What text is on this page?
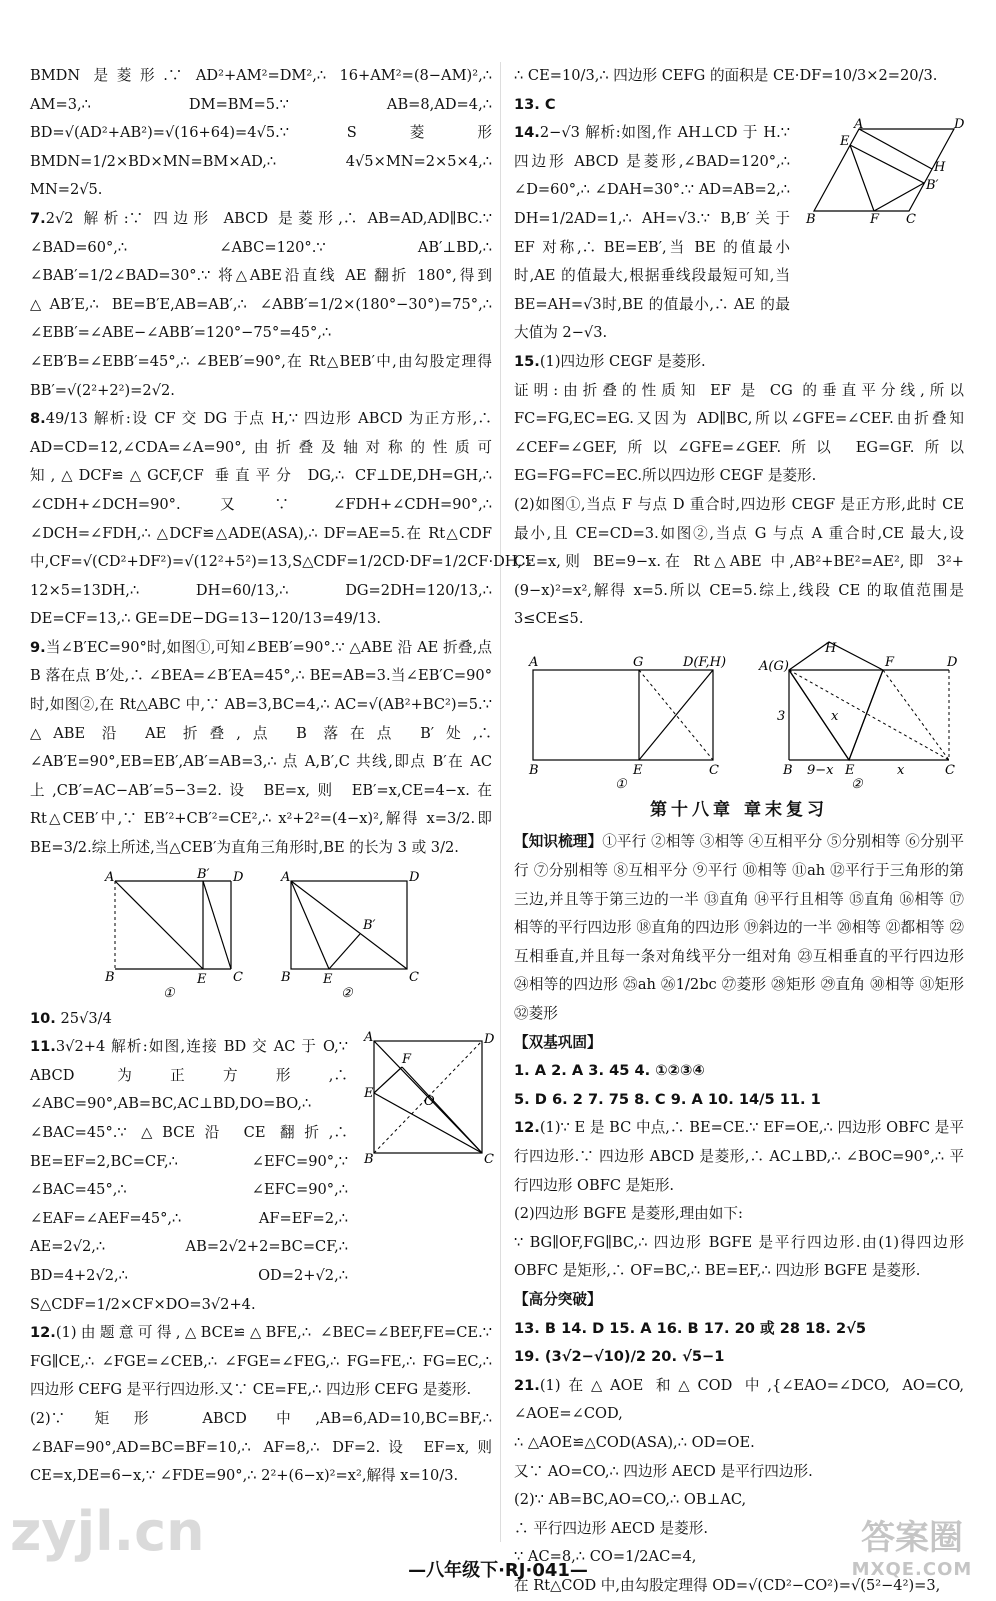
BMDN 是菱形.∵ AD²+AM²=DM²,∴ 16+AM²=(8−AM)²,∴ AM=3,∴ DM=BM=5.∵ AB=8,AD=4,∴ BD=√(AD²+AB²)=√(16+64)=4√5.∵ S菱形BMDN=1/2×BD×MN=BM×AD,∴ 4√5×MN=2×5×4,∴ MN=2√5.

7.2√2 解析:∵ 四边形 ABCD 是菱形,∴ AB=AD,AD∥BC.∵ ∠BAD=60°,∴ ∠ABC=120°.∵ AB′⊥BD,∴ ∠BAB′=1/2∠BAD=30°.∵ 将△ABE沿直线 AE 翻折 180°,得到△AB′E,∴ BE=B′E,AB=AB′,∴ ∠ABB′=1/2×(180°−30°)=75°,∴ ∠EBB′=∠ABE−∠ABB′=120°−75°=45°,∴ ∠EB′B=∠EBB′=45°,∴ ∠BEB′=90°,在 Rt△BEB′中,由勾股定理得 BB′=√(2²+2²)=2√2.

8.49/13 解析:设 CF 交 DG 于点 H,∵ 四边形 ABCD 为正方形,∴ AD=CD=12,∠CDA=∠A=90°,由折叠及轴对称的性质可知,△DCF≌△GCF,CF 垂直平分 DG,∴ CF⊥DE,DH=GH,∴ ∠CDH+∠DCH=90°.又∵ ∠FDH+∠CDH=90°,∴ ∠DCH=∠FDH,∴ △DCF≌△ADE(ASA),∴ DF=AE=5.在 Rt△CDF 中,CF=√(CD²+DF²)=√(12²+5²)=13,S△CDF=1/2CD·DF=1/2CF·DH,∴ 12×5=13DH,∴ DH=60/13,∴ DG=2DH=120/13,∴ DE=CF=13,∴ GE=DE−DG=13−120/13=49/13.

9.当∠B′EC=90°时,如图①,可知∠BEB′=90°.∵ △ABE 沿 AE 折叠,点 B 落在点 B′处,∴ ∠BEA=∠B′EA=45°,∴ BE=AB=3.当∠EB′C=90°时,如图②,在 Rt△ABC 中,∵ AB=3,BC=4,∴ AC=√(AB²+BC²)=5.∵ △ABE 沿 AE 折叠,点 B 落在点 B′处,∴ ∠AB′E=90°,EB=EB′,AB′=AB=3,∴ 点 A,B′,C 共线,即点 B′在 AC 上,CB′=AC−AB′=5−3=2.设 BE=x,则 EB′=x,CE=4−x.在 Rt△CEB′中,∵ EB′²+CB′²=CE²,∴ x²+2²=(4−x)²,解得 x=3/2.即 BE=3/2.综上所述,当△CEB′为直角三角形时,BE 的长为 3 或 3/2.

A	B′ D
B	E C
①
A	D
B′
B E	C
②

10. 25√3/4

11.3√2+4 解析:如图,连接 BD 交 AC 于 O,∵ ABCD 为正方形,∴ ∠ABC=90°,AB=BC,AC⊥BD,DO=BO,∴ ∠BAC=45°.∵ △BCE沿 CE 翻折,∴ BE=EF=2,BC=CF,∴ ∠EFC=90°,∵ ∠BAC=45°,∴ ∠EFC=90°,∴ ∠EAF=∠AEF=45°,∴ AF=EF=2,∴ AE=2√2,∴ AB=2√2+2=BC=CF,∴ BD=4+2√2,∴ OD=2+√2,∴ S△CDF=1/2×CF×DO=3√2+4.

A	D
E
F
O
B	C

12.(1)由题意可得,△BCE≌△BFE,∴ ∠BEC=∠BEF,FE=CE.∵ FG∥CE,∴ ∠FGE=∠CEB,∴ ∠FGE=∠FEG,∴ FG=FE,∴ FG=EC,∴ 四边形 CEFG 是平行四边形.又∵ CE=FE,∴ 四边形 CEFG 是菱形.

(2)∵ 矩形 ABCD 中,AB=6,AD=10,BC=BF,∴ ∠BAF=90°,AD=BC=BF=10,∴ AF=8,∴ DF=2.设 EF=x,则 CE=x,DE=6−x,∵ ∠FDE=90°,∴ 2²+(6−x)²=x²,解得 x=10/3.

∴ CE=10/3,∴ 四边形 CEFG 的面积是 CE·DF=10/3×2=20/3.

13. C

14.2−√3 解析:如图,作 AH⊥CD 于 H.∵ 四边形 ABCD 是菱形,∠BAD=120°,∴ ∠D=60°,∴ ∠DAH=30°.∵ AD=AB=2,∴ DH=1/2AD=1,∴ AH=√3.∵ B,B′关于 EF 对称,∴ BE=EB′,当 BE 的值最小时,AE 的值最大,根据垂线段最短可知,当 BE=AH=√3时,BE 的值最小,∴ AE 的最大值为 2−√3.

A	D
E
H
B′
B	F C

15.(1)四边形 CEGF 是菱形.

证明:由折叠的性质知 EF 是 CG 的垂直平分线,所以 FC=FG,EC=EG.又因为 AD∥BC,所以∠GFE=∠CEF.由折叠知∠CEF=∠GEF,所以∠GFE=∠GEF.所以 EG=GF.所以 EG=FG=FC=EC.所以四边形 CEGF 是菱形.

(2)如图①,当点 F 与点 D 重合时,四边形 CEGF 是正方形,此时 CE 最小,且 CE=CD=3.如图②,当点 G 与点 A 重合时,CE 最大,设 CE=x,则 BE=9−x.在 Rt△ABE 中,AB²+BE²=AE²,即 3²+(9−x)²=x²,解得 x=5.所以 CE=5.综上,线段 CE 的取值范围是 3≤CE≤5.

A	G	D(F,H)
B	E	C
①
H
A(G)	F	D
3	x
B 9−x E	x	C
②
第十八章 章末复习

【知识梳理】①平行 ②相等 ③相等 ④互相平分 ⑤分别相等 ⑥分别平行 ⑦分别相等 ⑧互相平分 ⑨平行 ⑩相等 ⑪ah ⑫平行于三角形的第三边,并且等于第三边的一半 ⑬直角 ⑭平行且相等 ⑮直角 ⑯相等 ⑰相等的平行四边形 ⑱直角的四边形 ⑲斜边的一半 ⑳相等 ㉑都相等 ㉒互相垂直,并且每一条对角线平分一组对角 ㉓互相垂直的平行四边形 ㉔相等的四边形 ㉕ah ㉖1/2bc ㉗菱形 ㉘矩形 ㉙直角 ㉚相等 ㉛矩形 ㉜菱形

【双基巩固】

1. A 2. A 3. 45 4. ①②③④

5. D 6. 2 7. 75 8. C 9. A 10. 14/5 11. 1

12.(1)∵ E 是 BC 中点,∴ BE=CE.∵ EF=OE,∴ 四边形 OBFC 是平行四边形.∵ 四边形 ABCD 是菱形,∴ AC⊥BD,∴ ∠BOC=90°,∴ 平行四边形 OBFC 是矩形.

(2)四边形 BGFE 是菱形,理由如下:

∵ BG∥OF,FG∥BC,∴ 四边形 BGFE 是平行四边形.由(1)得四边形 OBFC 是矩形,∴ OF=BC,∴ BE=EF,∴ 四边形 BGFE 是菱形.

【高分突破】

13. B 14. D 15. A 16. B 17. 20 或 28 18. 2√5

19. (3√2−√10)/2 20. √5−1

21.(1)在△AOE 和△COD 中,{∠EAO=∠DCO, AO=CO, ∠AOE=∠COD,

∴ △AOE≌△COD(ASA),∴ OD=OE.

又∵ AO=CO,∴ 四边形 AECD 是平行四边形.

(2)∵ AB=BC,AO=CO,∴ OB⊥AC,

∴ 平行四边形 AECD 是菱形.

∵ AC=8,∴ CO=1/2AC=4,

在 Rt△COD 中,由勾股定理得 OD=√(CD²−CO²)=√(5²−4²)=3,

—八年级下·RJ·041—
zyjl.cn	答案圈
MXQE.COM
